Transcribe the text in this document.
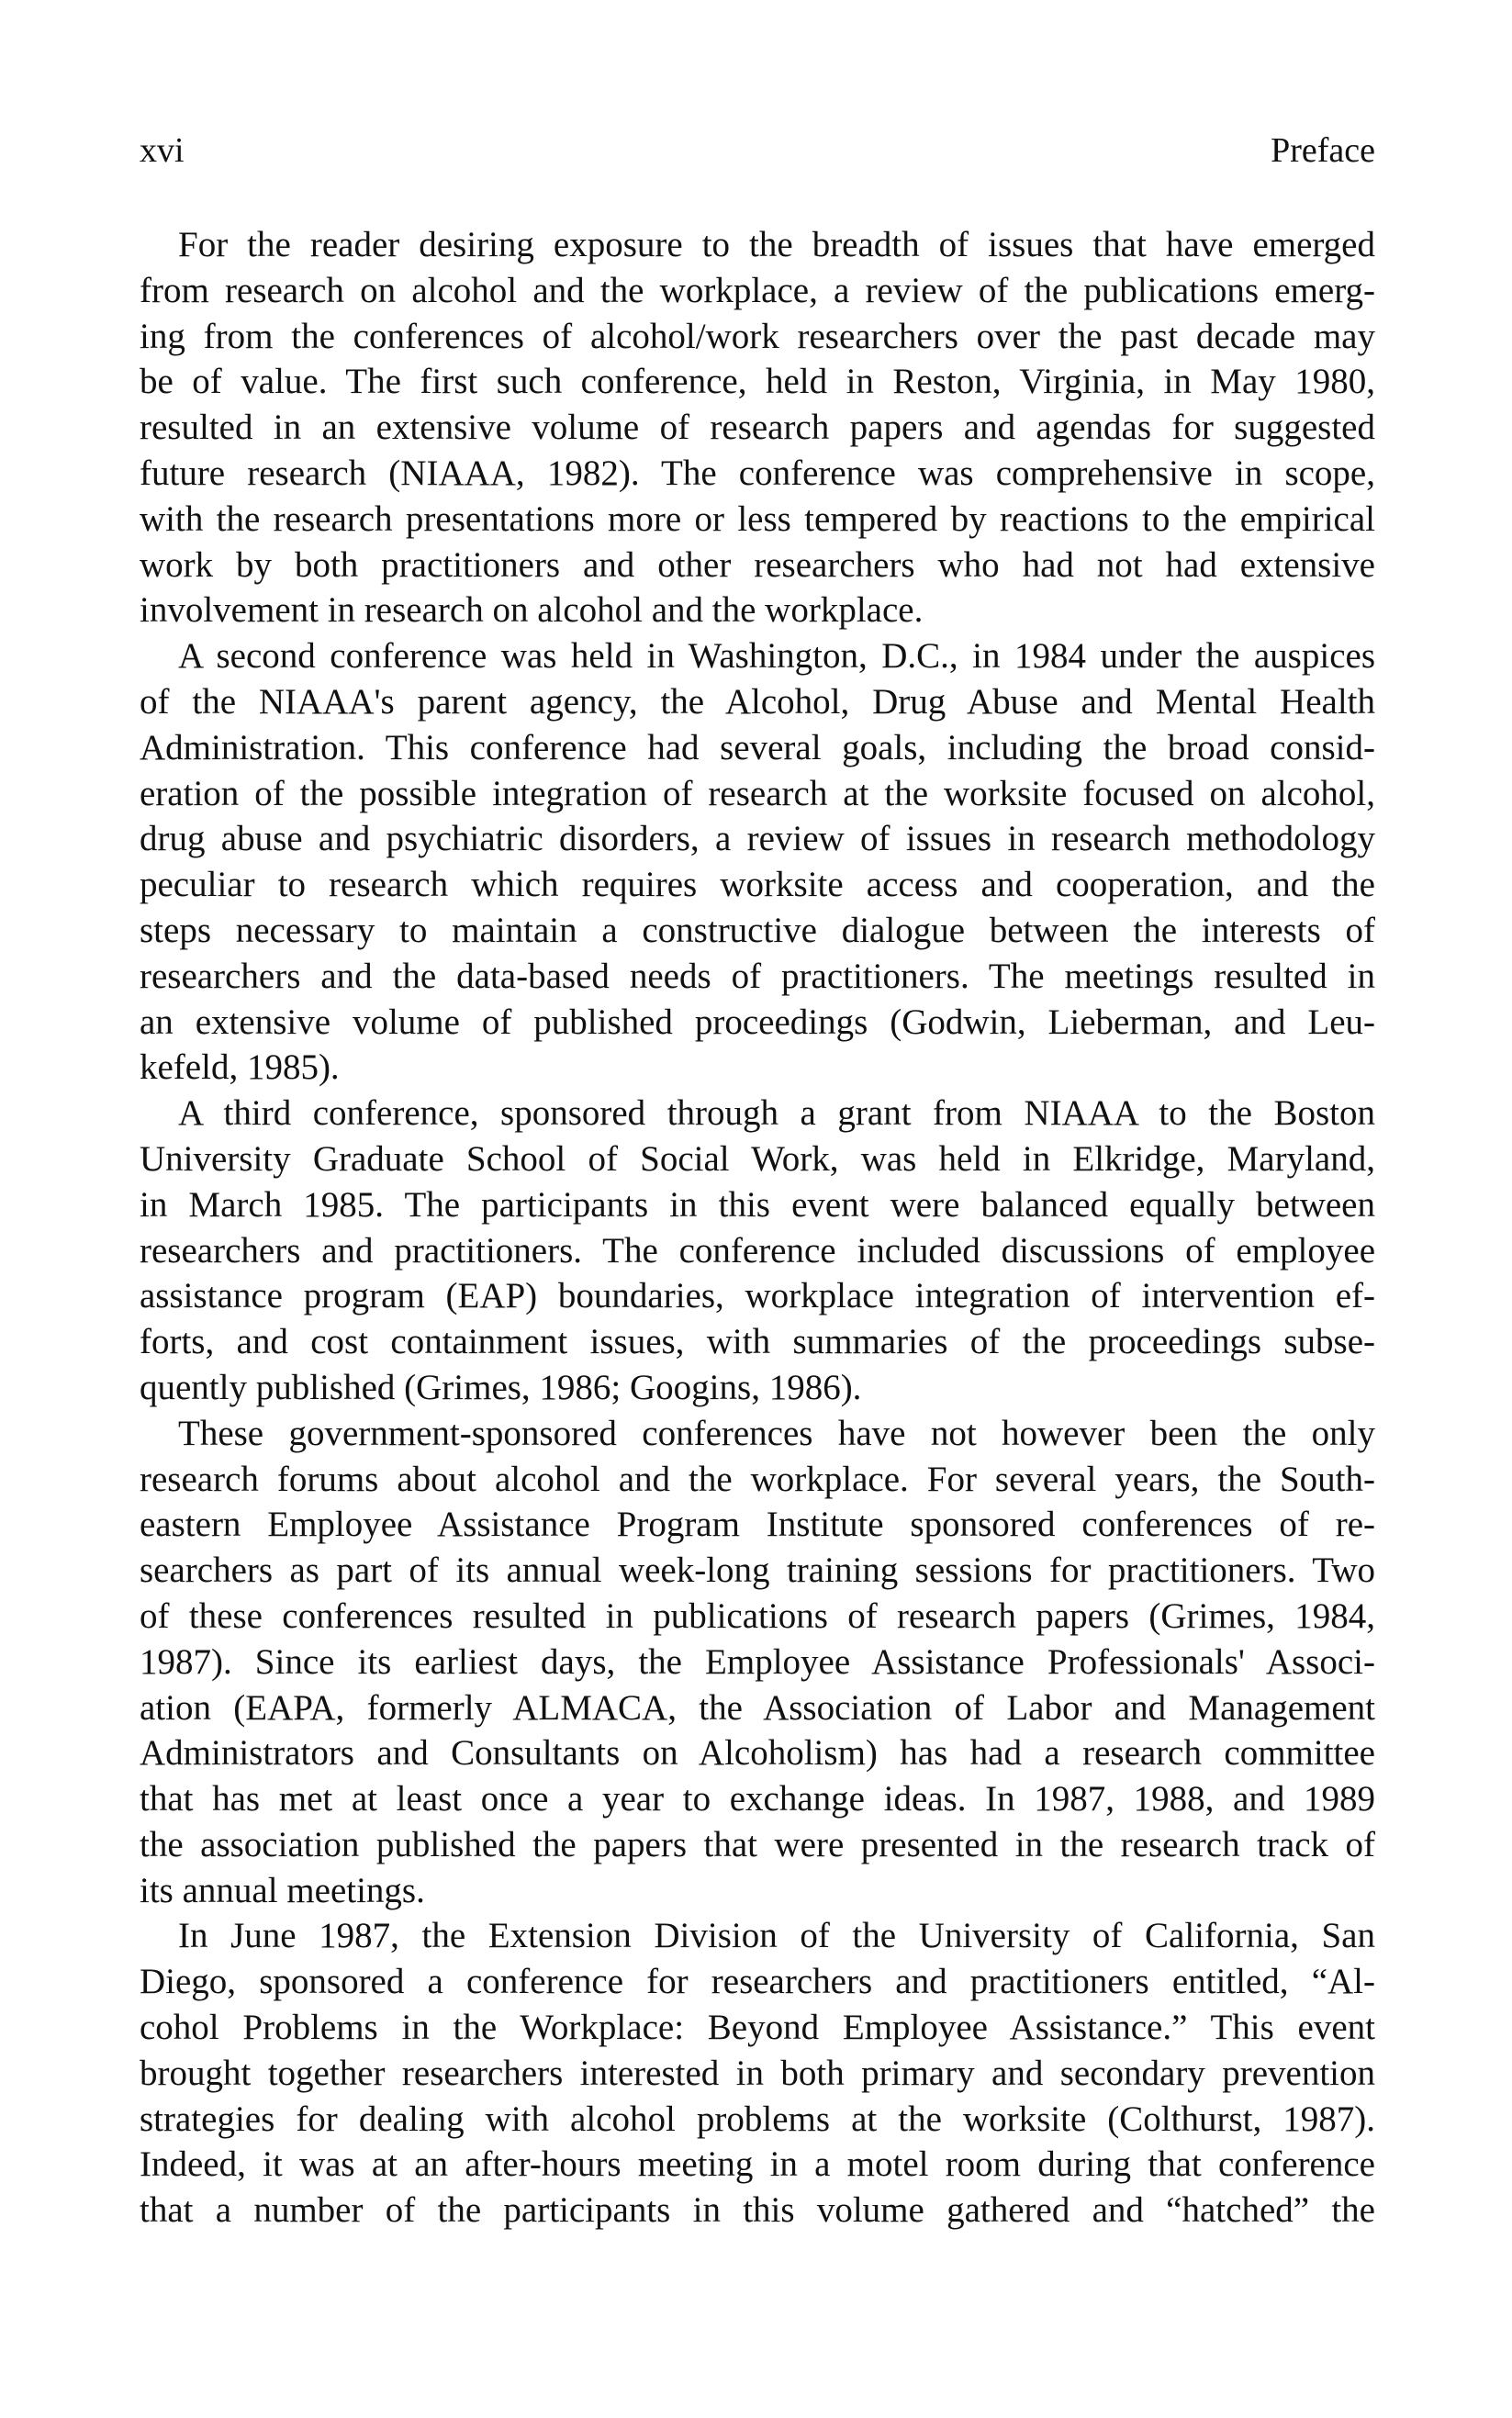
xvi	Preface
For the reader desiring exposure to the breadth of issues that have emerged
from research on alcohol and the workplace, a review of the publications emerg-
ing from the conferences of alcohol/work researchers over the past decade may
be of value. The first such conference, held in Reston, Virginia, in May 1980,
resulted in an extensive volume of research papers and agendas for suggested
future research (NIAAA, 1982). The conference was comprehensive in scope,
with the research presentations more or less tempered by reactions to the empirical
work by both practitioners and other researchers who had not had extensive
involvement in research on alcohol and the workplace.
A second conference was held in Washington, D.C., in 1984 under the auspices
of the NIAAA's parent agency, the Alcohol, Drug Abuse and Mental Health
Administration. This conference had several goals, including the broad consid-
eration of the possible integration of research at the worksite focused on alcohol,
drug abuse and psychiatric disorders, a review of issues in research methodology
peculiar to research which requires worksite access and cooperation, and the
steps necessary to maintain a constructive dialogue between the interests of
researchers and the data-based needs of practitioners. The meetings resulted in
an extensive volume of published proceedings (Godwin, Lieberman, and Leu-
kefeld, 1985).
A third conference, sponsored through a grant from NIAAA to the Boston
University Graduate School of Social Work, was held in Elkridge, Maryland,
in March 1985. The participants in this event were balanced equally between
researchers and practitioners. The conference included discussions of employee
assistance program (EAP) boundaries, workplace integration of intervention ef-
forts, and cost containment issues, with summaries of the proceedings subse-
quently published (Grimes, 1986; Googins, 1986).
These government-sponsored conferences have not however been the only
research forums about alcohol and the workplace. For several years, the South-
eastern Employee Assistance Program Institute sponsored conferences of re-
searchers as part of its annual week-long training sessions for practitioners. Two
of these conferences resulted in publications of research papers (Grimes, 1984,
1987). Since its earliest days, the Employee Assistance Professionals' Associ-
ation (EAPA, formerly ALMACA, the Association of Labor and Management
Administrators and Consultants on Alcoholism) has had a research committee
that has met at least once a year to exchange ideas. In 1987, 1988, and 1989
the association published the papers that were presented in the research track of
its annual meetings.
In June 1987, the Extension Division of the University of California, San
Diego, sponsored a conference for researchers and practitioners entitled, “Al-
cohol Problems in the Workplace: Beyond Employee Assistance.” This event
brought together researchers interested in both primary and secondary prevention
strategies for dealing with alcohol problems at the worksite (Colthurst, 1987).
Indeed, it was at an after-hours meeting in a motel room during that conference
that a number of the participants in this volume gathered and “hatched” the
